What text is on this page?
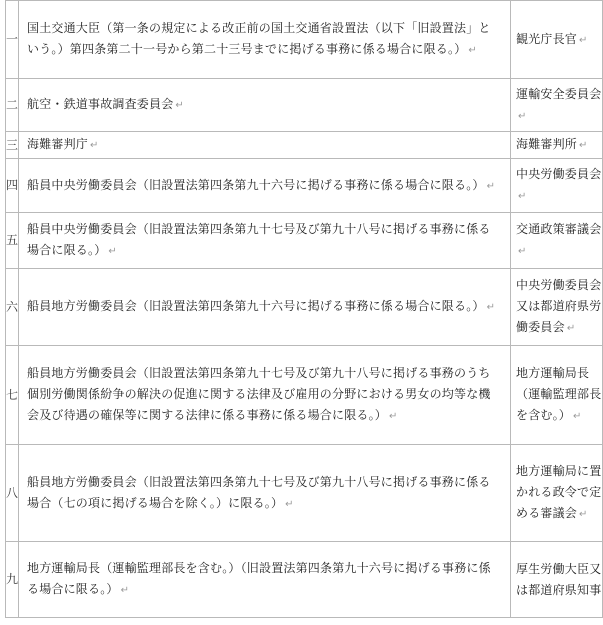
一	国土交通大臣（第一条の規定による改正前の国土交通省設置法（以下「旧設置法」という。）第四条第二十一号から第二十三号までに掲げる事務に係る場合に限る。） ↵	観光庁長官 ↵
二	航空・鉄道事故調査委員会 ↵	運輸安全委員会↵
三	海難審判庁 ↵	海難審判所 ↵
四	船員中央労働委員会（旧設置法第四条第九十六号に掲げる事務に係る場合に限る。） ↵	中央労働委員会↵
五	船員中央労働委員会（旧設置法第四条第九十七号及び第九十八号に掲げる事務に係る場合に限る。） ↵	交通政策審議会↵
六	船員地方労働委員会（旧設置法第四条第九十六号に掲げる事務に係る場合に限る。） ↵	中央労働委員会又は都道府県労働委員会 ↵
七	船員地方労働委員会（旧設置法第四条第九十七号及び第九十八号に掲げる事務のうち個別労働関係紛争の解決の促進に関する法律及び雇用の分野における男女の均等な機会及び待遇の確保等に関する法律に係る事務に係る場合に限る。） ↵	地方運輸局長（運輸監理部長を含む。） ↵
八	船員地方労働委員会（旧設置法第四条第九十七号及び第九十八号に掲げる事務に係る場合（七の項に掲げる場合を除く。）に限る。） ↵	地方運輸局に置かれる政令で定める審議会 ↵
九	地方運輸局長（運輸監理部長を含む。）（旧設置法第四条第九十六号に掲げる事務に係る場合に限る。） ↵	厚生労働大臣又は都道府県知事
